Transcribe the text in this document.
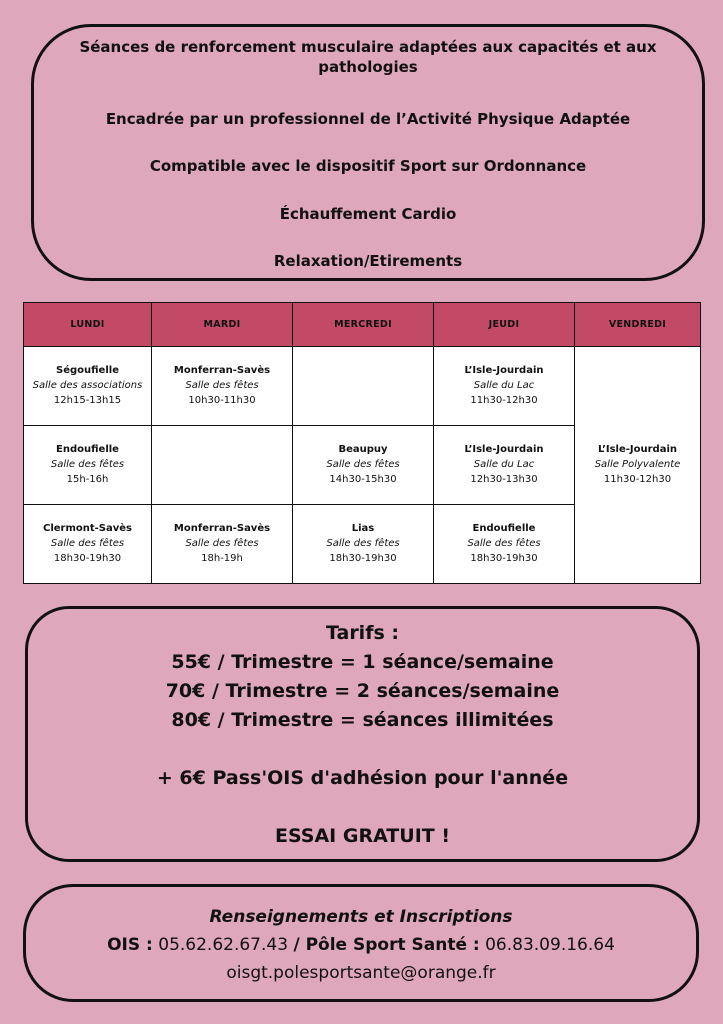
Séances de renforcement musculaire adaptées aux capacités et aux pathologies

Encadrée par un professionnel de l’Activité Physique Adaptée

Compatible avec le dispositif Sport sur Ordonnance

Échauffement Cardio

Relaxation/Etirements

LUNDI	MARDI	MERCREDI	JEUDI	VENDREDI

Ségoufielle
Salle des associations
12h15-13h15	Monferran-Savès
Salle des fêtes
10h30-11h30		L’Isle-Jourdain
Salle du Lac
11h30-12h30	L’Isle-Jourdain
Salle Polyvalente
11h30-12h30

Endoufielle
Salle des fêtes
15h-16h		Beaupuy
Salle des fêtes
14h30-15h30	L’Isle-Jourdain
Salle du Lac
12h30-13h30	

Clermont-Savès
Salle des fêtes
18h30-19h30	Monferran-Savès
Salle des fêtes
18h-19h	Lias
Salle des fêtes
18h30-19h30	Endoufielle
Salle des fêtes
18h30-19h30	

Tarifs :

55€ / Trimestre = 1 séance/semaine

70€ / Trimestre = 2 séances/semaine

80€ / Trimestre = séances illimitées

+ 6€ Pass'OIS d'adhésion pour l'année

ESSAI GRATUIT !

Renseignements et Inscriptions

OIS : 05.62.62.67.43 / Pôle Sport Santé : 06.83.09.16.64

oisgt.polesportsante@orange.fr
